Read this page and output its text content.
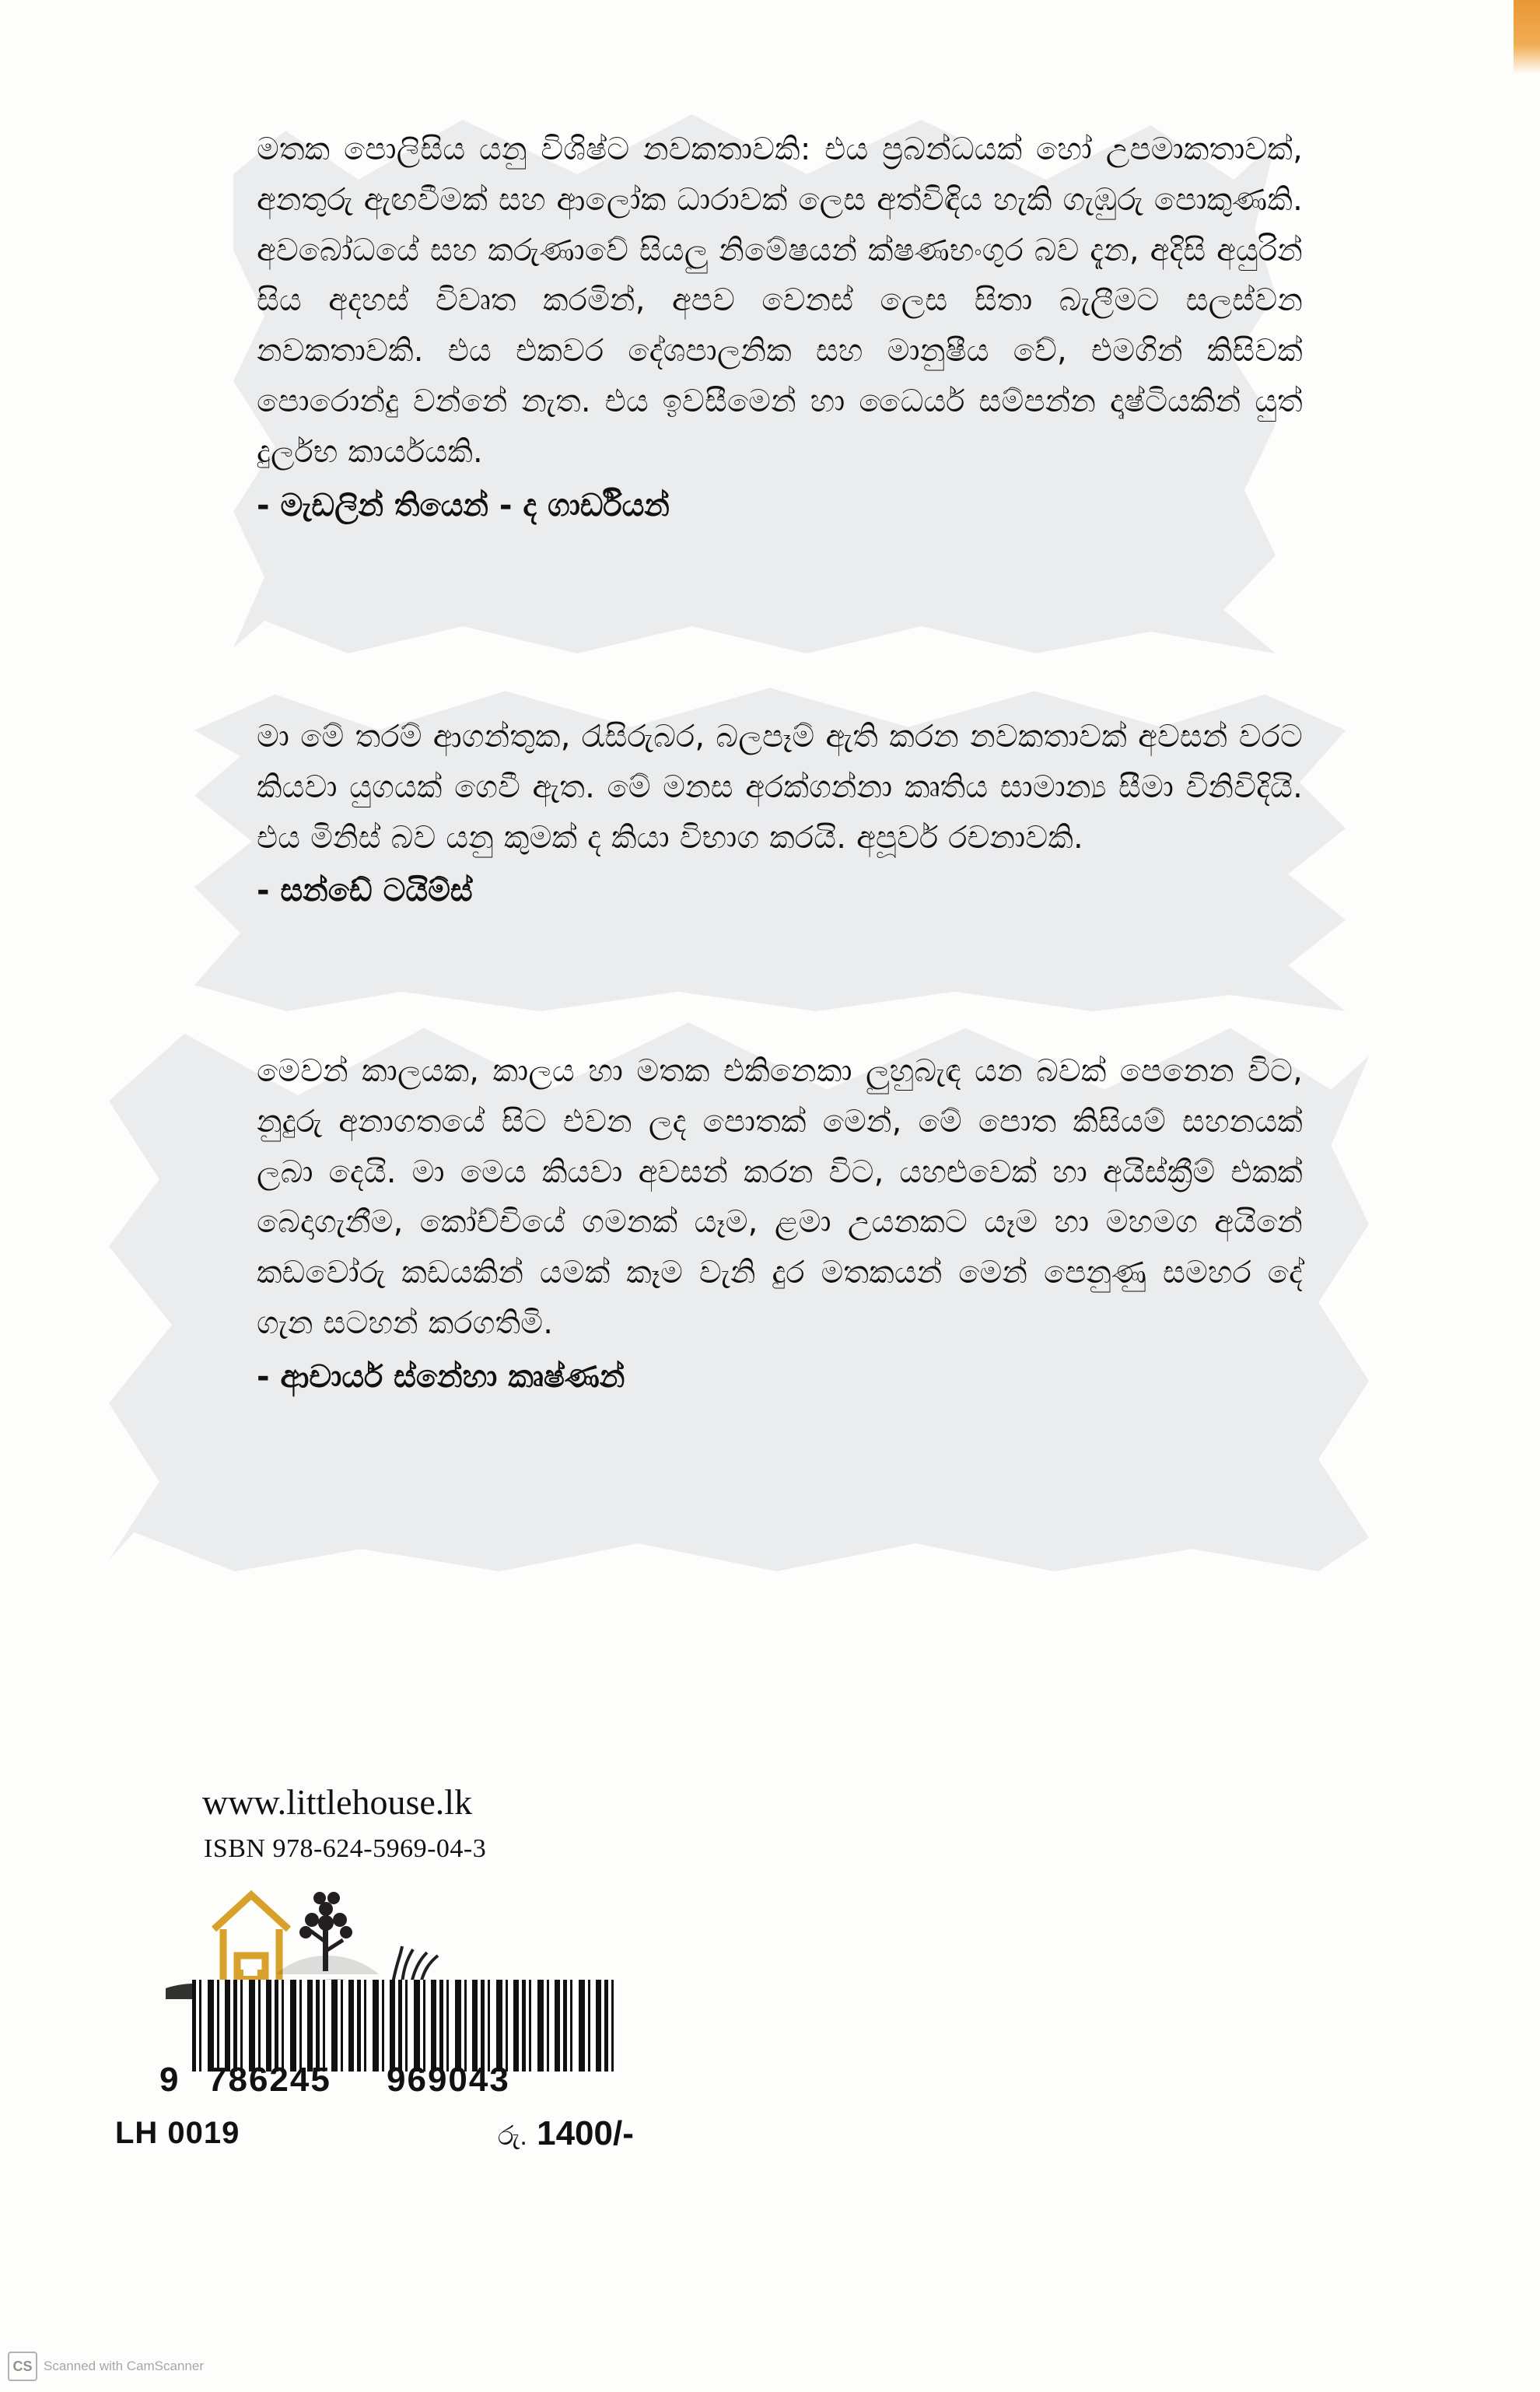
මතක පොලිසිය යනු විශිෂ්ට නවකතාවකි: එය ප්‍රබන්ධයක් හෝ උපමාකතාවක්, අනතුරු ඇඟවීමක් සහ ආලෝක ධාරාවක් ලෙස අත්විඳිය හැකි ගැඹුරු පොකුණකි. අවබෝධයේ සහ කරුණාවේ සියලු නිමේෂයන් ක්ෂණභංගුර බව දැන, අදිසි අයුරින් සිය අදහස් විවෘත කරමින්, අපව වෙනස් ලෙස සිතා බැලීමට සලස්වන නවකතාවකි. එය එකවර දේශපාලනික සහ මානුෂීය වේ, එමගින් කිසිවක් පොරොන්දු වන්නේ නැත. එය ඉවසීමෙන් හා ධෛර්ය සම්පන්න දෘෂ්ටියකින් යුත් දුර්ලභ කාර්යයකි.
- මැඩලින් තියෙන් - ද ගාර්ඩියන්
මා මේ තරම් ආගන්තුක, රැසිරුබර, බලපෑම් ඇති කරන නවකතාවක් අවසන් වරට කියවා යුගයක් ගෙවී ඇත. මේ මනස අරක්ගන්නා කෘතිය සාමාන්‍ය සීමා විනිවිදියි. එය මිනිස් බව යනු කුමක් ද කියා විභාග කරයි. අපූර්ව රචනාවකි.
- සන්ඩේ ටයිම්ස්
මෙවන් කාලයක, කාලය හා මතක එකිනෙකා ලුහුබැඳ යන බවක් පෙනෙන විට, නුදුරු අනාගතයේ සිට එවන ලද පොතක් මෙන්, මේ පොත කිසියම් සහනයක් ලබා දෙයි. මා මෙය කියවා අවසන් කරන විට, යහළුවෙක් හා අයිස්ක්‍රීම් එකක් බෙදාගැනීම, කෝච්චියේ ගමනක් යෑම, ළමා උයනකට යෑම හා මහමග අයිනේ කඩවෝරු කඩයකින් යමක් කෑම වැනි දුර මතකයන් මෙන් පෙනුණු සමහර දේ ගැන සටහන් කරගතිමි.
- ආචාර්ය ස්නේහා කෘෂ්ණන්
www.littlehouse.lk
ISBN 978-624-5969-04-3
9 786245 969043
LH 0019	රු. 1400/-
CS Scanned with CamScanner
